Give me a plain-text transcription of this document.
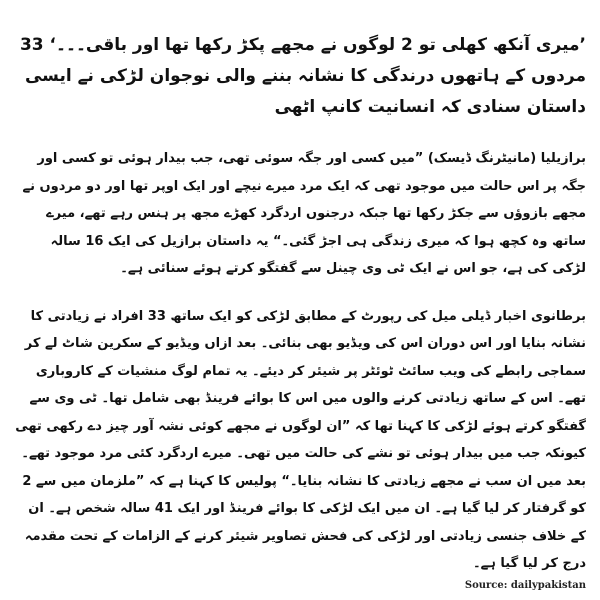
’میری آنکھ کھلی تو 2 لوگوں نے مجھے پکڑ رکھا تھا اور باقی۔۔۔‘ 33 مردوں کے ہاتھوں درندگی کا نشانہ بننے والی نوجوان لڑکی نے ایسی داستان سنادی کہ انسانیت کانپ اٹھی
برازیلیا (مانیٹرنگ ڈیسک) ”میں کسی اور جگہ سوئی تھی، جب بیدار ہوئی تو کسی اور جگہ پر اس حالت میں موجود تھی کہ ایک مرد میرے نیچے اور ایک اوپر تھا اور دو مردوں نے مجھے بازوؤں سے جکڑ رکھا تھا جبکہ درجنوں اردگرد کھڑے مجھ پر ہنس رہے تھے، میرے ساتھ وہ کچھ ہوا کہ میری زندگی ہی اجڑ گئی۔“ یہ داستان برازیل کی ایک 16 سالہ لڑکی کی ہے، جو اس نے ایک ٹی وی چینل سے گفتگو کرتے ہوئے سنائی ہے۔
برطانوی اخبار ڈیلی میل کی رپورٹ کے مطابق لڑکی کو ایک ساتھ 33 افراد نے زیادتی کا نشانہ بنایا اور اس دوران اس کی ویڈیو بھی بنائی۔ بعد ازاں ویڈیو کے سکرین شاٹ لے کر سماجی رابطے کی ویب سائٹ ٹوئٹر پر شیئر کر دیئے۔ یہ تمام لوگ منشیات کے کاروباری تھے۔ اس کے ساتھ زیادتی کرنے والوں میں اس کا بوائے فرینڈ بھی شامل تھا۔ ٹی وی سے گفتگو کرتے ہوئے لڑکی کا کہنا تھا کہ ”ان لوگوں نے مجھے کوئی نشہ آور چیز دے رکھی تھی کیونکہ جب میں بیدار ہوئی تو نشے کی حالت میں تھی۔ میرے اردگرد کئی مرد موجود تھے۔ بعد میں ان سب نے مجھے زیادتی کا نشانہ بنایا۔“ پولیس کا کہنا ہے کہ ”ملزمان میں سے 2 کو گرفتار کر لیا گیا ہے۔ ان میں ایک لڑکی کا بوائے فرینڈ اور ایک 41 سالہ شخص ہے۔ ان کے خلاف جنسی زیادتی اور لڑکی کی فحش تصاویر شیئر کرنے کے الزامات کے تحت مقدمہ درج کر لیا گیا ہے۔
Source: dailypakistan
